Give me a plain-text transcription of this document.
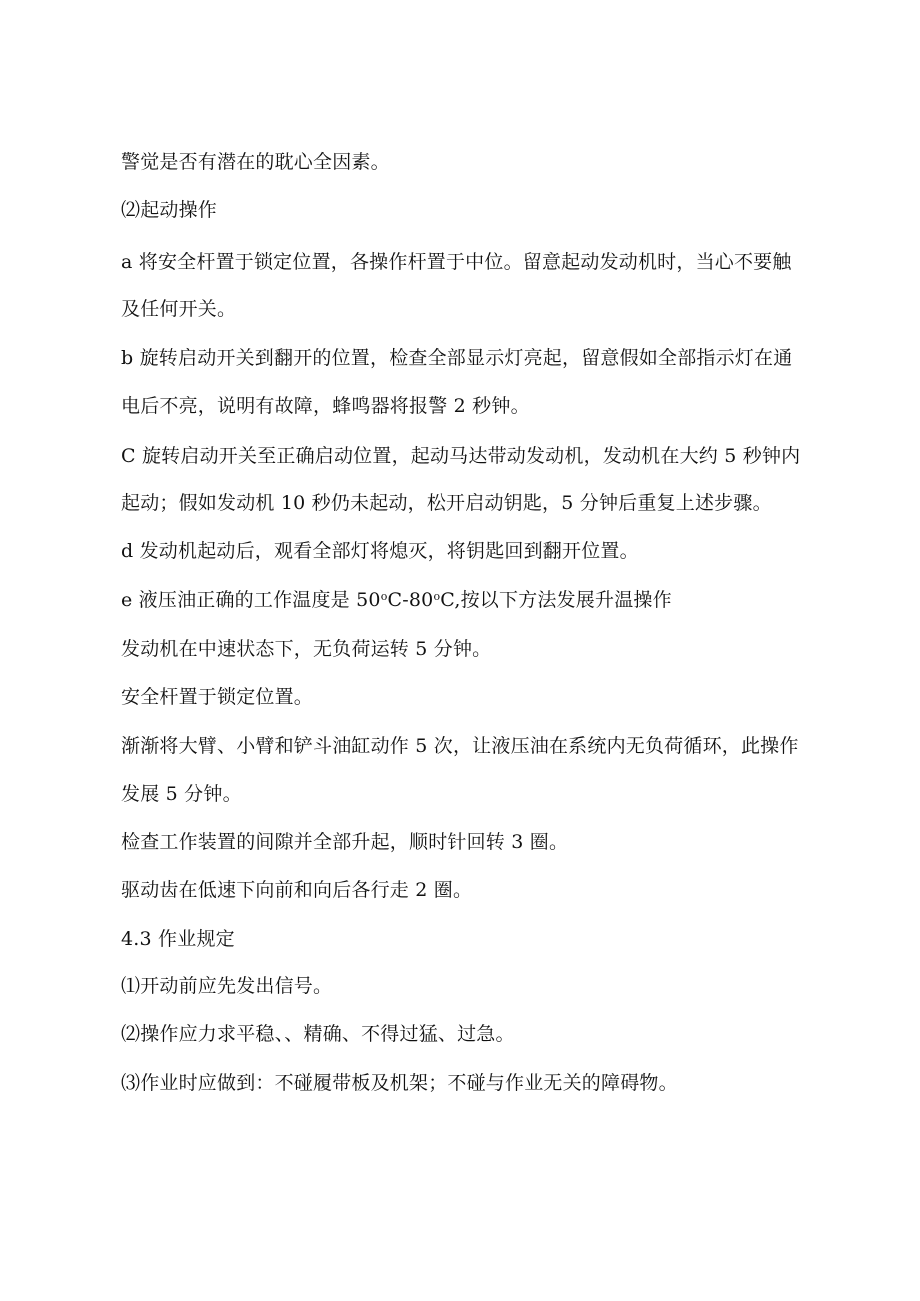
警觉是否有潜在的耽心全因素。
⑵起动操作
a 将安全杆置于锁定位置，各操作杆置于中位。留意起动发动机时，当心不要触
及任何开关。
b 旋转启动开关到翻开的位置，检查全部显示灯亮起，留意假如全部指示灯在通
电后不亮，说明有故障，蜂鸣器将报警 2 秒钟。
C 旋转启动开关至正确启动位置，起动马达带动发动机，发动机在大约 5 秒钟内
起动；假如发动机 10 秒仍未起动，松开启动钥匙，5 分钟后重复上述步骤。
d 发动机起动后，观看全部灯将熄灭，将钥匙回到翻开位置。
e 液压油正确的工作温度是 50$^o$C-80$^o$C,按以下方法发展升温操作
发动机在中速状态下，无负荷运转 5 分钟。
安全杆置于锁定位置。
渐渐将大臂、小臂和铲斗油缸动作 5 次，让液压油在系统内无负荷循环，此操作
发展 5 分钟。
检查工作装置的间隙并全部升起，顺时针回转 3 圈。
驱动齿在低速下向前和向后各行走 2 圈。
4.3 作业规定
⑴开动前应先发出信号。
⑵操作应力求平稳、、精确、不得过猛、过急。
⑶作业时应做到：不碰履带板及机架；不碰与作业无关的障碍物。
